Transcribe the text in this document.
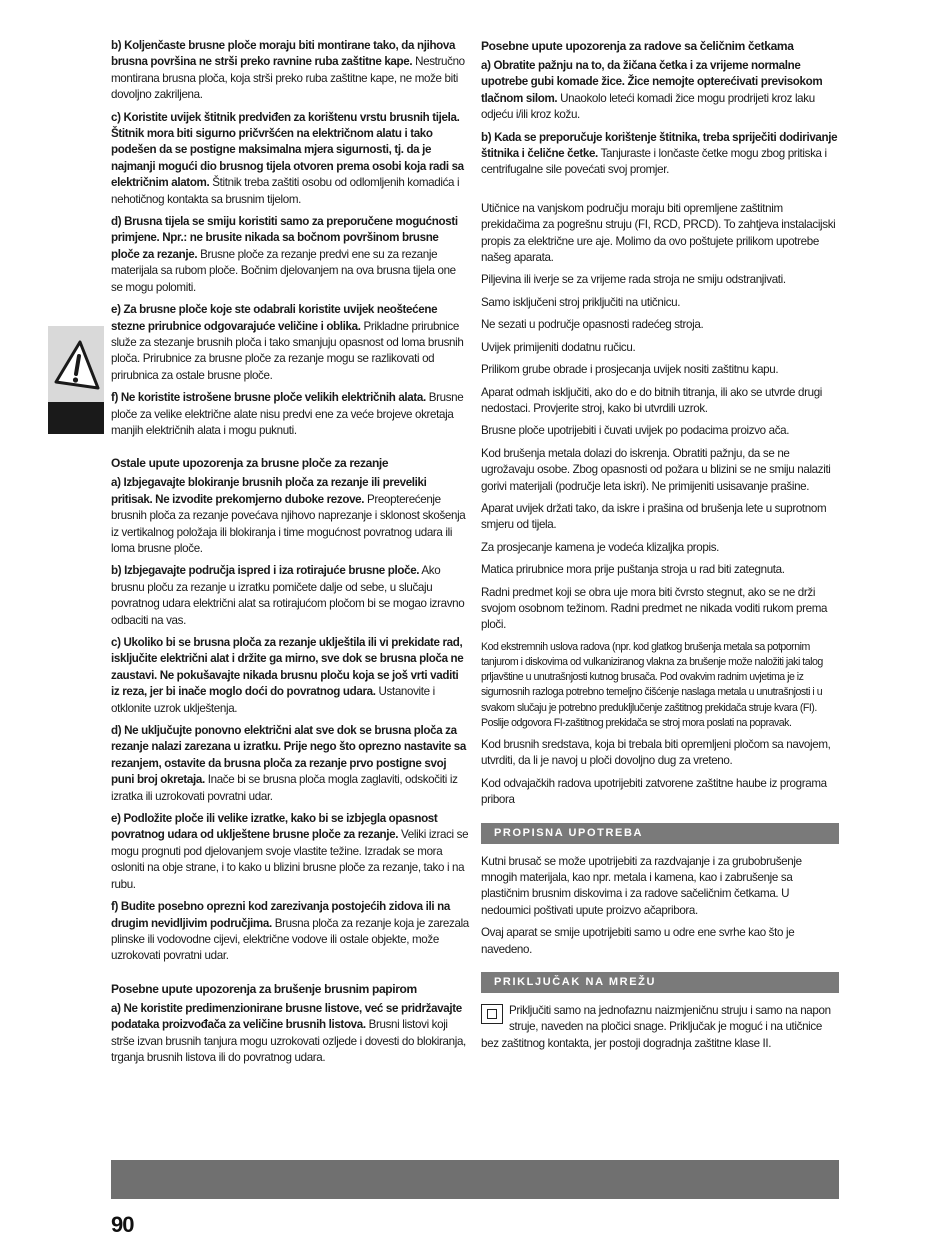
b) Koljenčaste brusne ploče moraju biti montirane tako, da njihova brusna površina ne strši preko ravnine ruba zaštitne kape. Nestručno montirana brusna ploča, koja strši preko ruba zaštitne kape, ne može biti dovoljno zakriljena.

c) Koristite uvijek štitnik predviđen za korištenu vrstu brusnih tijela. Štitnik mora biti sigurno pričvršćen na električnom alatu i tako podešen da se postigne maksimalna mjera sigurnosti, tj. da je najmanji mogući dio brusnog tijela otvoren prema osobi koja radi sa električnim alatom. Štitnik treba zaštiti osobu od odlomljenih komadića i nehotičnog kontakta sa brusnim tijelom.

d) Brusna tijela se smiju koristiti samo za preporučene mogućnosti primjene. Npr.: ne brusite nikada sa bočnom površinom brusne ploče za rezanje. Brusne ploče za rezanje predvi ene su za rezanje materijala sa rubom ploče. Bočnim djelovanjem na ova brusna tijela one se mogu polomiti.

e) Za brusne ploče koje ste odabrali koristite uvijek neoštećene stezne prirubnice odgovarajuće veličine i oblika. Prikladne prirubnice služe za stezanje brusnih ploča i tako smanjuju opasnost od loma brusnih ploča. Prirubnice za brusne ploče za rezanje mogu se razlikovati od prirubnica za ostale brusne ploče.

f) Ne koristite istrošene brusne ploče velikih električnih alata. Brusne ploče za velike električne alate nisu predvi ene za veće brojeve okretaja manjih električnih alata i mogu puknuti.

Ostale upute upozorenja za brusne ploče za rezanje

a) Izbjegavajte blokiranje brusnih ploča za rezanje ili preveliki pritisak. Ne izvodite prekomjerno duboke rezove. Preopterećenje brusnih ploča za rezanje povećava njihovo naprezanje i sklonost skošenja iz vertikalnog položaja ili blokiranja i time mogućnost povratnog udara ili loma brusne ploče.

b) Izbjegavajte područja ispred i iza rotirajuće brusne ploče. Ako brusnu ploču za rezanje u izratku pomičete dalje od sebe, u slučaju povratnog udara električni alat sa rotirajućom pločom bi se mogao izravno odbaciti na vas.

c) Ukoliko bi se brusna ploča za rezanje uklještila ili vi prekidate rad, isključite električni alat i držite ga mirno, sve dok se brusna ploča ne zaustavi. Ne pokušavajte nikada brusnu ploču koja se još vrti vaditi iz reza, jer bi inače moglo doći do povratnog udara. Ustanovite i otklonite uzrok uklještenja.

d) Ne uključujte ponovno električni alat sve dok se brusna ploča za rezanje nalazi zarezana u izratku. Prije nego što oprezno nastavite sa rezanjem, ostavite da brusna ploča za rezanje prvo postigne svoj puni broj okretaja. Inače bi se brusna ploča mogla zaglaviti, odskočiti iz izratka ili uzrokovati povratni udar.

e) Podložite ploče ili velike izratke, kako bi se izbjegla opasnost povratnog udara od uklještene brusne ploče za rezanje. Veliki izraci se mogu prognuti pod djelovanjem svoje vlastite težine. Izradak se mora osloniti na obje strane, i to kako u blizini brusne ploče za rezanje, tako i na rubu.

f) Budite posebno oprezni kod zarezivanja postojećih zidova ili na drugim nevidljivim područjima. Brusna ploča za rezanje koja je zarezala plinske ili vodovodne cijevi, električne vodove ili ostale objekte, može uzrokovati povratni udar.

Posebne upute upozorenja za brušenje brusnim papirom

a) Ne koristite predimenzionirane brusne listove, već se pridržavajte podataka proizvođača za veličine brusnih listova. Brusni listovi koji strše izvan brusnih tanjura mogu uzrokovati ozljede i dovesti do blokiranja, trganja brusnih listova ili do povratnog udara.

Posebne upute upozorenja za radove sa čeličnim četkama

a) Obratite pažnju na to, da žičana četka i za vrijeme normalne upotrebe gubi komade žice. Žice nemojte opterećivati previsokom tlačnom silom. Unaokolo leteći komadi žice mogu prodrijeti kroz laku odjeću i/ili kroz kožu.

b) Kada se preporučuje korištenje štitnika, treba spriječiti dodirivanje štitnika i čelične četke. Tanjuraste i lončaste četke mogu zbog pritiska i centrifugalne sile povećati svoj promjer.

Utičnice na vanjskom području moraju biti opremljene zaštitnim prekidačima za pogrešnu struju (FI, RCD, PRCD). To zahtjeva instalacijski propis za električne ure aje. Molimo da ovo poštujete prilikom upotrebe našeg aparata.

Piljevina ili iverje se za vrijeme rada stroja ne smiju odstranjivati.

Samo isključeni stroj priključiti na utičnicu.

Ne sezati u područje opasnosti radećeg stroja.

Uvijek primijeniti dodatnu ručicu.

Prilikom grube obrade i prosjecanja uvijek nositi zaštitnu kapu.

Aparat odmah isključiti, ako do e do bitnih titranja, ili ako se utvrde drugi nedostaci. Provjerite stroj, kako bi utvrdili uzrok.

Brusne ploče upotrijebiti i čuvati uvijek po podacima proizvo ača.

Kod brušenja metala dolazi do iskrenja. Obratiti pažnju, da se ne ugrožavaju osobe. Zbog opasnosti od požara u blizini se ne smiju nalaziti gorivi materijali (područje leta iskri). Ne primijeniti usisavanje prašine.

Aparat uvijek držati tako, da iskre i prašina od brušenja lete u suprotnom smjeru od tijela.

Za prosjecanje kamena je vodeća klizaljka propis.

Matica prirubnice mora prije puštanja stroja u rad biti zategnuta.

Radni predmet koji se obra uje mora biti čvrsto stegnut, ako se ne drži svojom osobnom težinom. Radni predmet ne nikada voditi rukom prema ploči.

Kod ekstremnih uslova radova (npr. kod glatkog brušenja metala sa potpornim tanjurom i diskovima od vulkaniziranog vlakna za brušenje može naložiti jaki talog prljavštine u unutrašnjosti kutnog brusača. Pod ovakvim radnim uvjetima je iz sigurnosnih razloga potrebno temeljno čišćenje naslaga metala u unutrašnjosti i u svakom slučaju je potrebno predukljlučenje zaštitnog prekidača struje kvara (FI). Poslije odgovora FI-zaštitnog prekidača se stroj mora poslati na popravak.

Kod brusnih sredstava, koja bi trebala biti opremljeni pločom sa navojem, utvrditi, da li je navoj u ploči dovoljno dug za vreteno.

Kod odvajačkih radova upotrijebiti zatvorene zaštitne haube iz programa pribora

PROPISNA UPOTREBA

Kutni brusač se može upotrijebiti za razdvajanje i za grubobrušenje mnogih materijala, kao npr. metala i kamena, kao i zabrušenje sa plastičnim brusnim diskovima i za radove sačeličnim četkama. U nedoumici poštivati upute proizvo ačapribora.

Ovaj aparat se smije upotrijebiti samo u odre ene svrhe kao što je navedeno.

PRIKLJUČAK NA MREŽU

Priključiti samo na jednofaznu naizmjeničnu struju i samo na napon struje, naveden na pločici snage. Priključak je moguć i na utičnice bez zaštitnog kontakta, jer postoji dogradnja zaštitne klase II.

90
